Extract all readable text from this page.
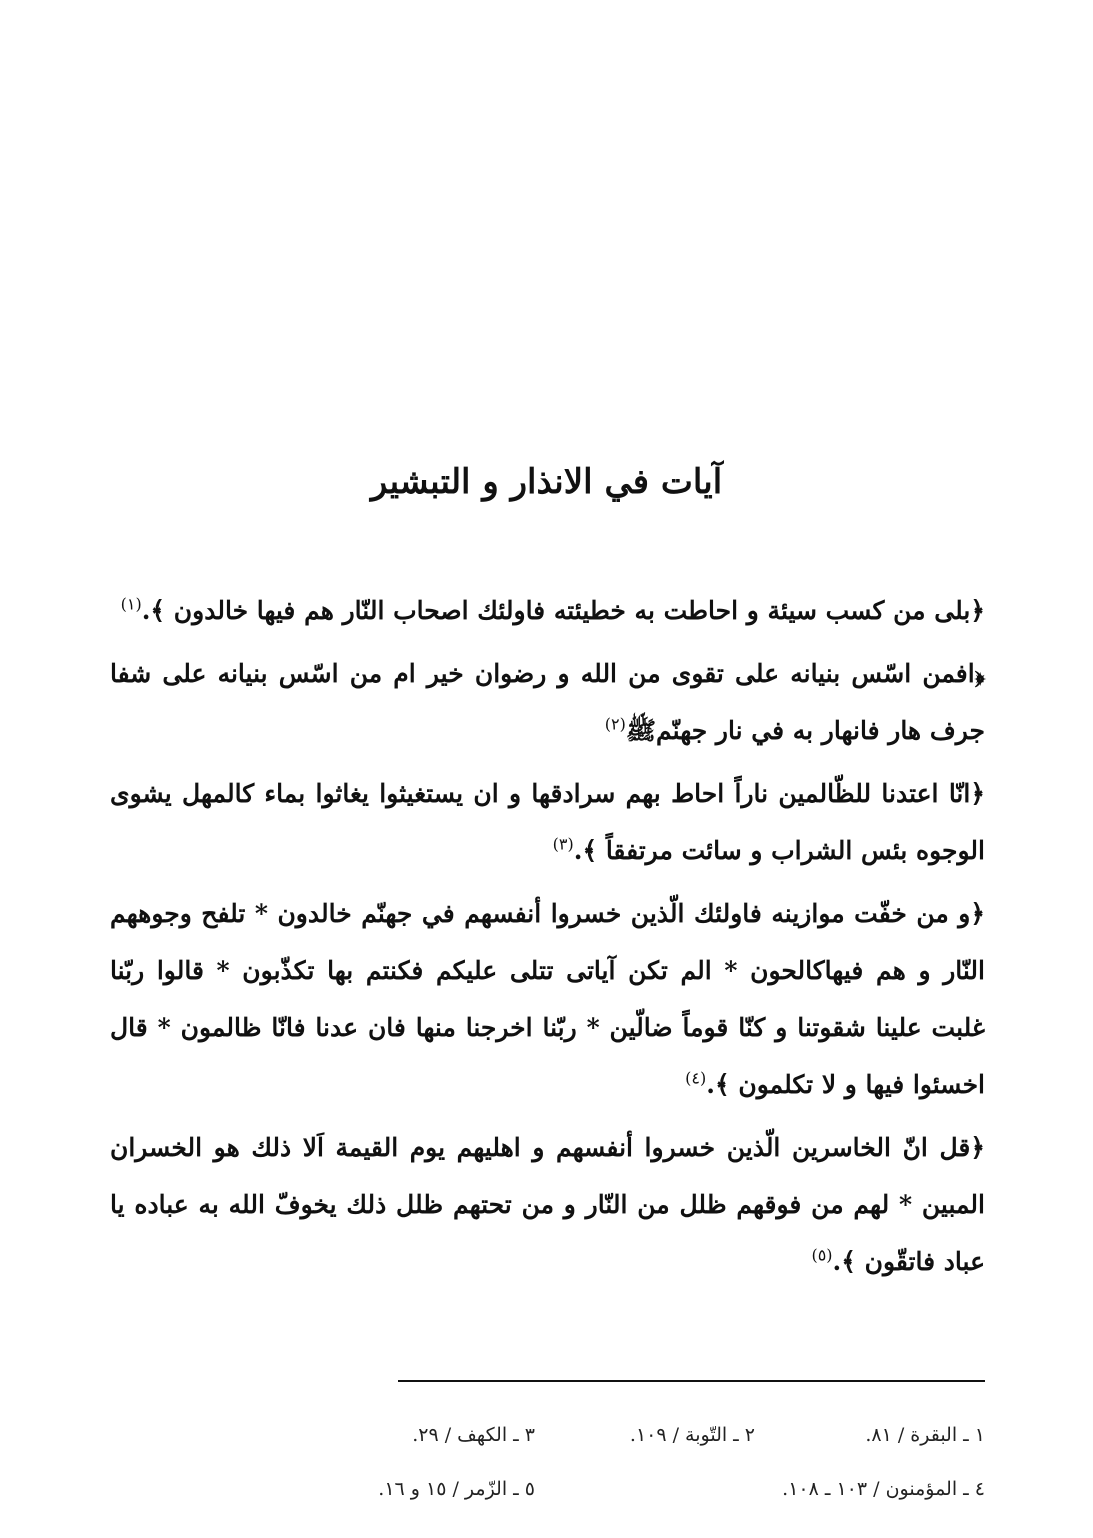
آيات في الانذار و التبشير

﴿بلى من كسب سيئة و احاطت به خطيئته فاولئك اصحاب النّار هم فيها خالدون ﴾.$^{(١)}$

﴿افمن اسّس بنيانه على تقوى من الله و رضوان خير ام من اسّس بنيانه على شفا جرف هار فانهار به في نار جهنّمﷺ$^{(٢)}$

﴿انّا اعتدنا للظّالمين ناراً احاط بهم سرادقها و ان يستغيثوا يغاثوا بماء كالمهل يشوى الوجوه بئس الشراب و سائت مرتفقاً ﴾.$^{(٣)}$

﴿و من خفّت موازينه فاولئك الّذين خسروا أنفسهم في جهنّم خالدون * تلفح وجوههم النّار و هم فيهاكالحون * الم تكن آياتى تتلى عليكم فكنتم بها تكذّبون * قالوا ربّنا غلبت علينا شقوتنا و كنّا قوماً ضالّين * ربّنا اخرجنا منها فان عدنا فانّا ظالمون * قال اخسئوا فيها و لا تكلمون ﴾.$^{(٤)}$

﴿قل انّ الخاسرين الّذين خسروا أنفسهم و اهليهم يوم القيمة اَلا ذلك هو الخسران المبين * لهم من فوقهم ظلل من النّار و من تحتهم ظلل ذلك يخوفّ الله به عباده يا عباد فاتقّون ﴾.$^{(٥)}$

١ ـ البقرة / ٨١.
٢ ـ التّوبة / ١٠٩.
٣ ـ الكهف / ٢٩.
٤ ـ المؤمنون / ١٠٣ ـ ١٠٨.
٥ ـ الزّمر / ١٥ و ١٦.
